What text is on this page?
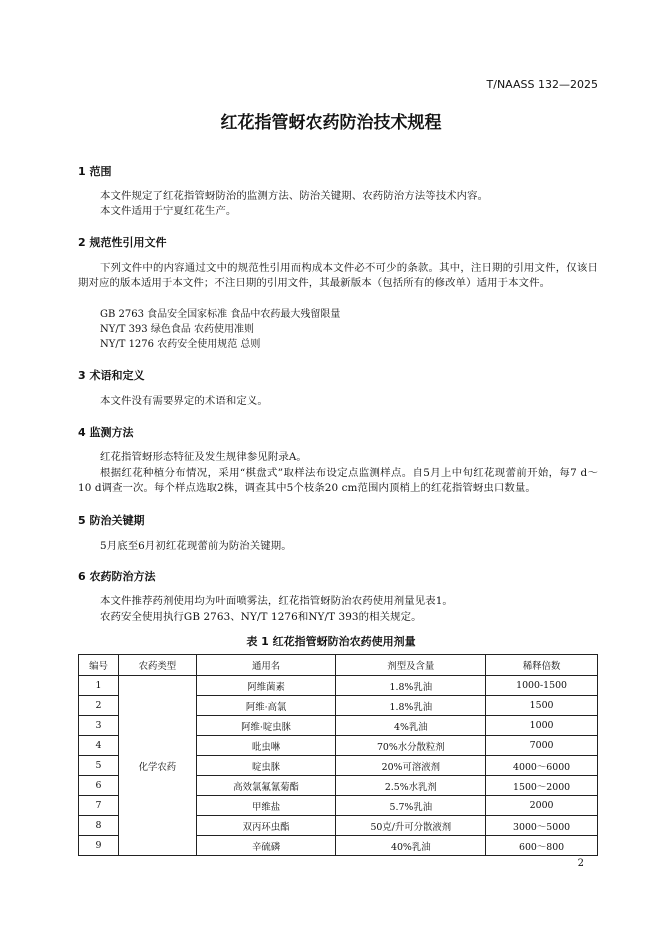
T/NAASS 132—2025
红花指管蚜农药防治技术规程
1 范围
本文件规定了红花指管蚜防治的监测方法、防治关键期、农药防治方法等技术内容。
本文件适用于宁夏红花生产。
2 规范性引用文件
下列文件中的内容通过文中的规范性引用而构成本文件必不可少的条款。其中，注日期的引用文件，仅该日期对应的版本适用于本文件；不注日期的引用文件，其最新版本（包括所有的修改单）适用于本文件。
GB 2763 食品安全国家标准 食品中农药最大残留限量
NY/T 393 绿色食品 农药使用准则
NY/T 1276 农药安全使用规范 总则
3 术语和定义
本文件没有需要界定的术语和定义。
4 监测方法
红花指管蚜形态特征及发生规律参见附录A。
根据红花种植分布情况，采用“棋盘式”取样法布设定点监测样点。自5月上中旬红花现蕾前开始，每7 d～10 d调查一次。每个样点选取2株，调查其中5个枝条20 cm范围内顶梢上的红花指管蚜虫口数量。
5 防治关键期
5月底至6月初红花现蕾前为防治关键期。
6 农药防治方法
本文件推荐药剂使用均为叶面喷雾法，红花指管蚜防治农药使用剂量见表1。
农药安全使用执行GB 2763、NY/T 1276和NY/T 393的相关规定。
表 1 红花指管蚜防治农药使用剂量
编号	农药类型	通用名	剂型及含量	稀释倍数
1	化学农药	阿维菌素	1.8%乳油	1000-1500
2		阿维·高氯	1.8%乳油	1500
3		阿维·啶虫脒	4%乳油	1000
4		吡虫啉	70%水分散粒剂	7000
5		啶虫脒	20%可溶液剂	4000～6000
6		高效氯氟氰菊酯	2.5%水乳剂	1500～2000
7		甲维盐	5.7%乳油	2000
8		双丙环虫酯	50克/升可分散液剂	3000～5000
9		辛硫磷	40%乳油	600～800
2
